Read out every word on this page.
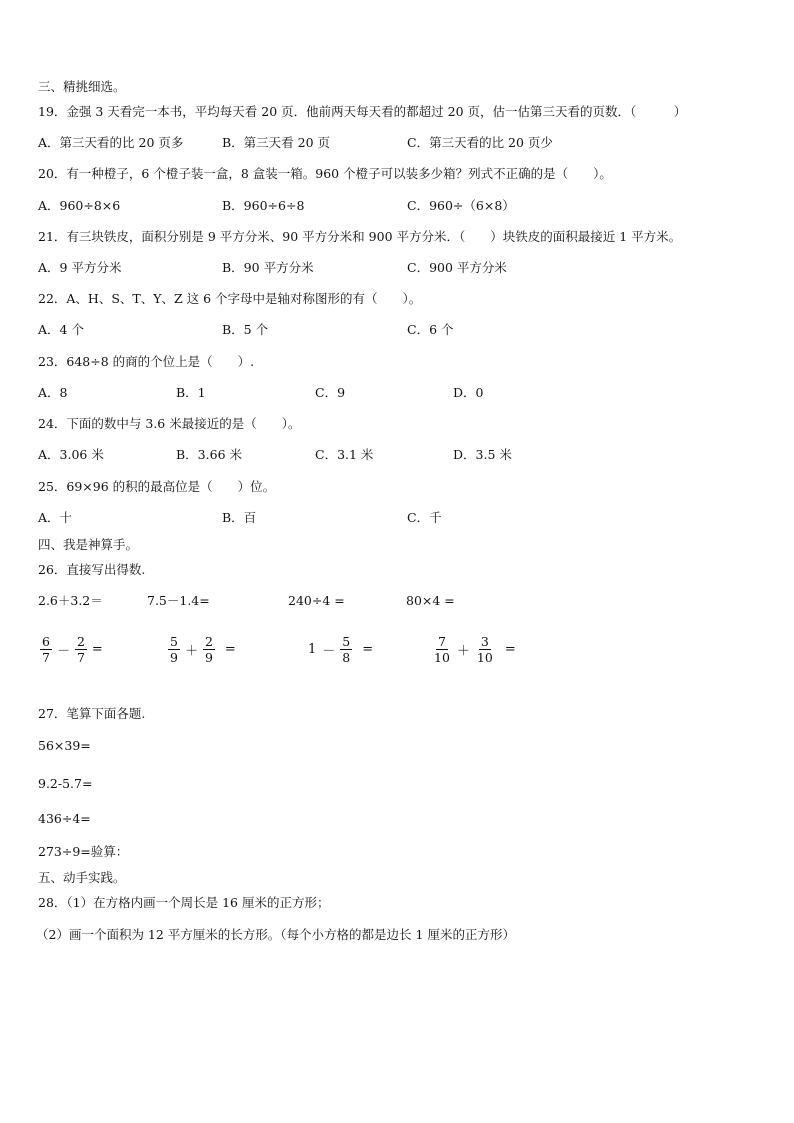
三、精挑细选。
19．金强 3 天看完一本书，平均每天看 20 页．他前两天每天看的都超过 20 页，估一估第三天看的页数．（　　　）
A．第三天看的比 20 页多	B．第三天看 20 页	C．第三天看的比 20 页少
20．有一种橙子，6 个橙子装一盒，8 盒装一箱。960 个橙子可以装多少箱？列式不正确的是（　　）。
A．960÷8×6	B．960÷6÷8	C．960÷（6×8）
21．有三块铁皮，面积分别是 9 平方分米、90 平方分米和 900 平方分米．（　　）块铁皮的面积最接近 1 平方米。
A．9 平方分米	B．90 平方分米	C．900 平方分米
22．A、H、S、T、Y、Z 这 6 个字母中是轴对称图形的有（　　）。
A．4 个	B．5 个	C．6 个
23．648÷8 的商的个位上是（　　）.
A．8	B．1	C．9	D．0
24．下面的数中与 3.6 米最接近的是（　　）。
A．3.06 米	B．3.66 米	C．3.1 米	D．3.5 米
25．69×96 的积的最高位是（　　）位。
A．十	B．百	C．千
四、我是神算手。
26．直接写出得数.
2.6＋3.2＝	7.5－1.4=	240÷4 =	80×4 =
$\frac{6}{7} - \frac{2}{7}$ =	$\frac{5}{9} + \frac{2}{9}$ =	$1 - \frac{5}{8}$ =	$\frac{7}{10} + \frac{3}{10}$ =
27．笔算下面各题.
56×39=
9.2-5.7=
436÷4=
273÷9=验算：
五、动手实践。
28．（1）在方格内画一个周长是 16 厘米的正方形；
（2）画一个面积为 12 平方厘米的长方形。（每个小方格的都是边长 1 厘米的正方形）
